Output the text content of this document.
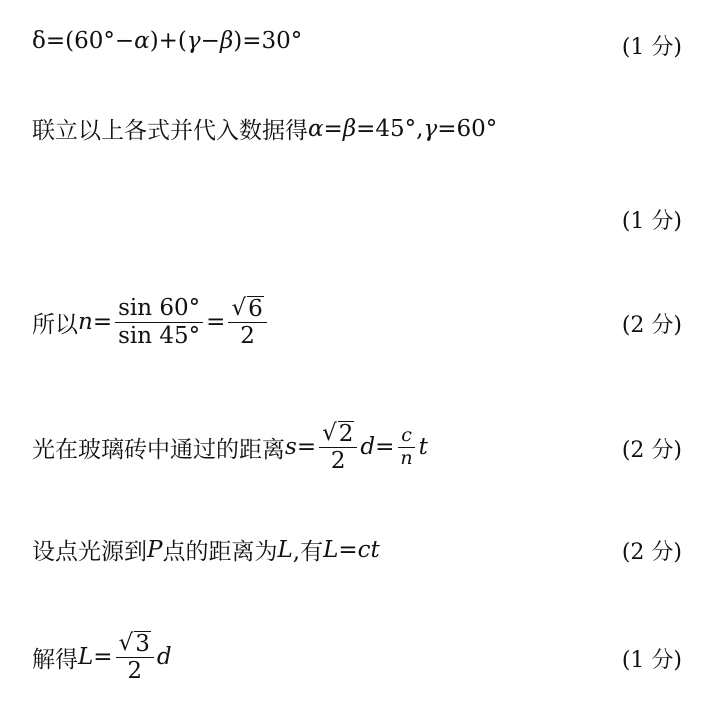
δ=(60°− α )+( γ − β )=30°	(1 分)
联立以上各式并代入数据得 α = β =45°, γ =60°
(1 分)
所以 $n = \frac{\sin 60^\circ}{\sin 45^\circ} = \frac{√ 6}{2}$	(2 分)
光在玻璃砖中通过的距离 $s = \frac{√ 2}{2}$ $d = \frac{c}{n}$ t	(2 分)
设点光源到 P 点的距离为 L ,有 L = ct	(2 分)
解得 $L = \frac{√ 3}{2}$ d	(1 分)
